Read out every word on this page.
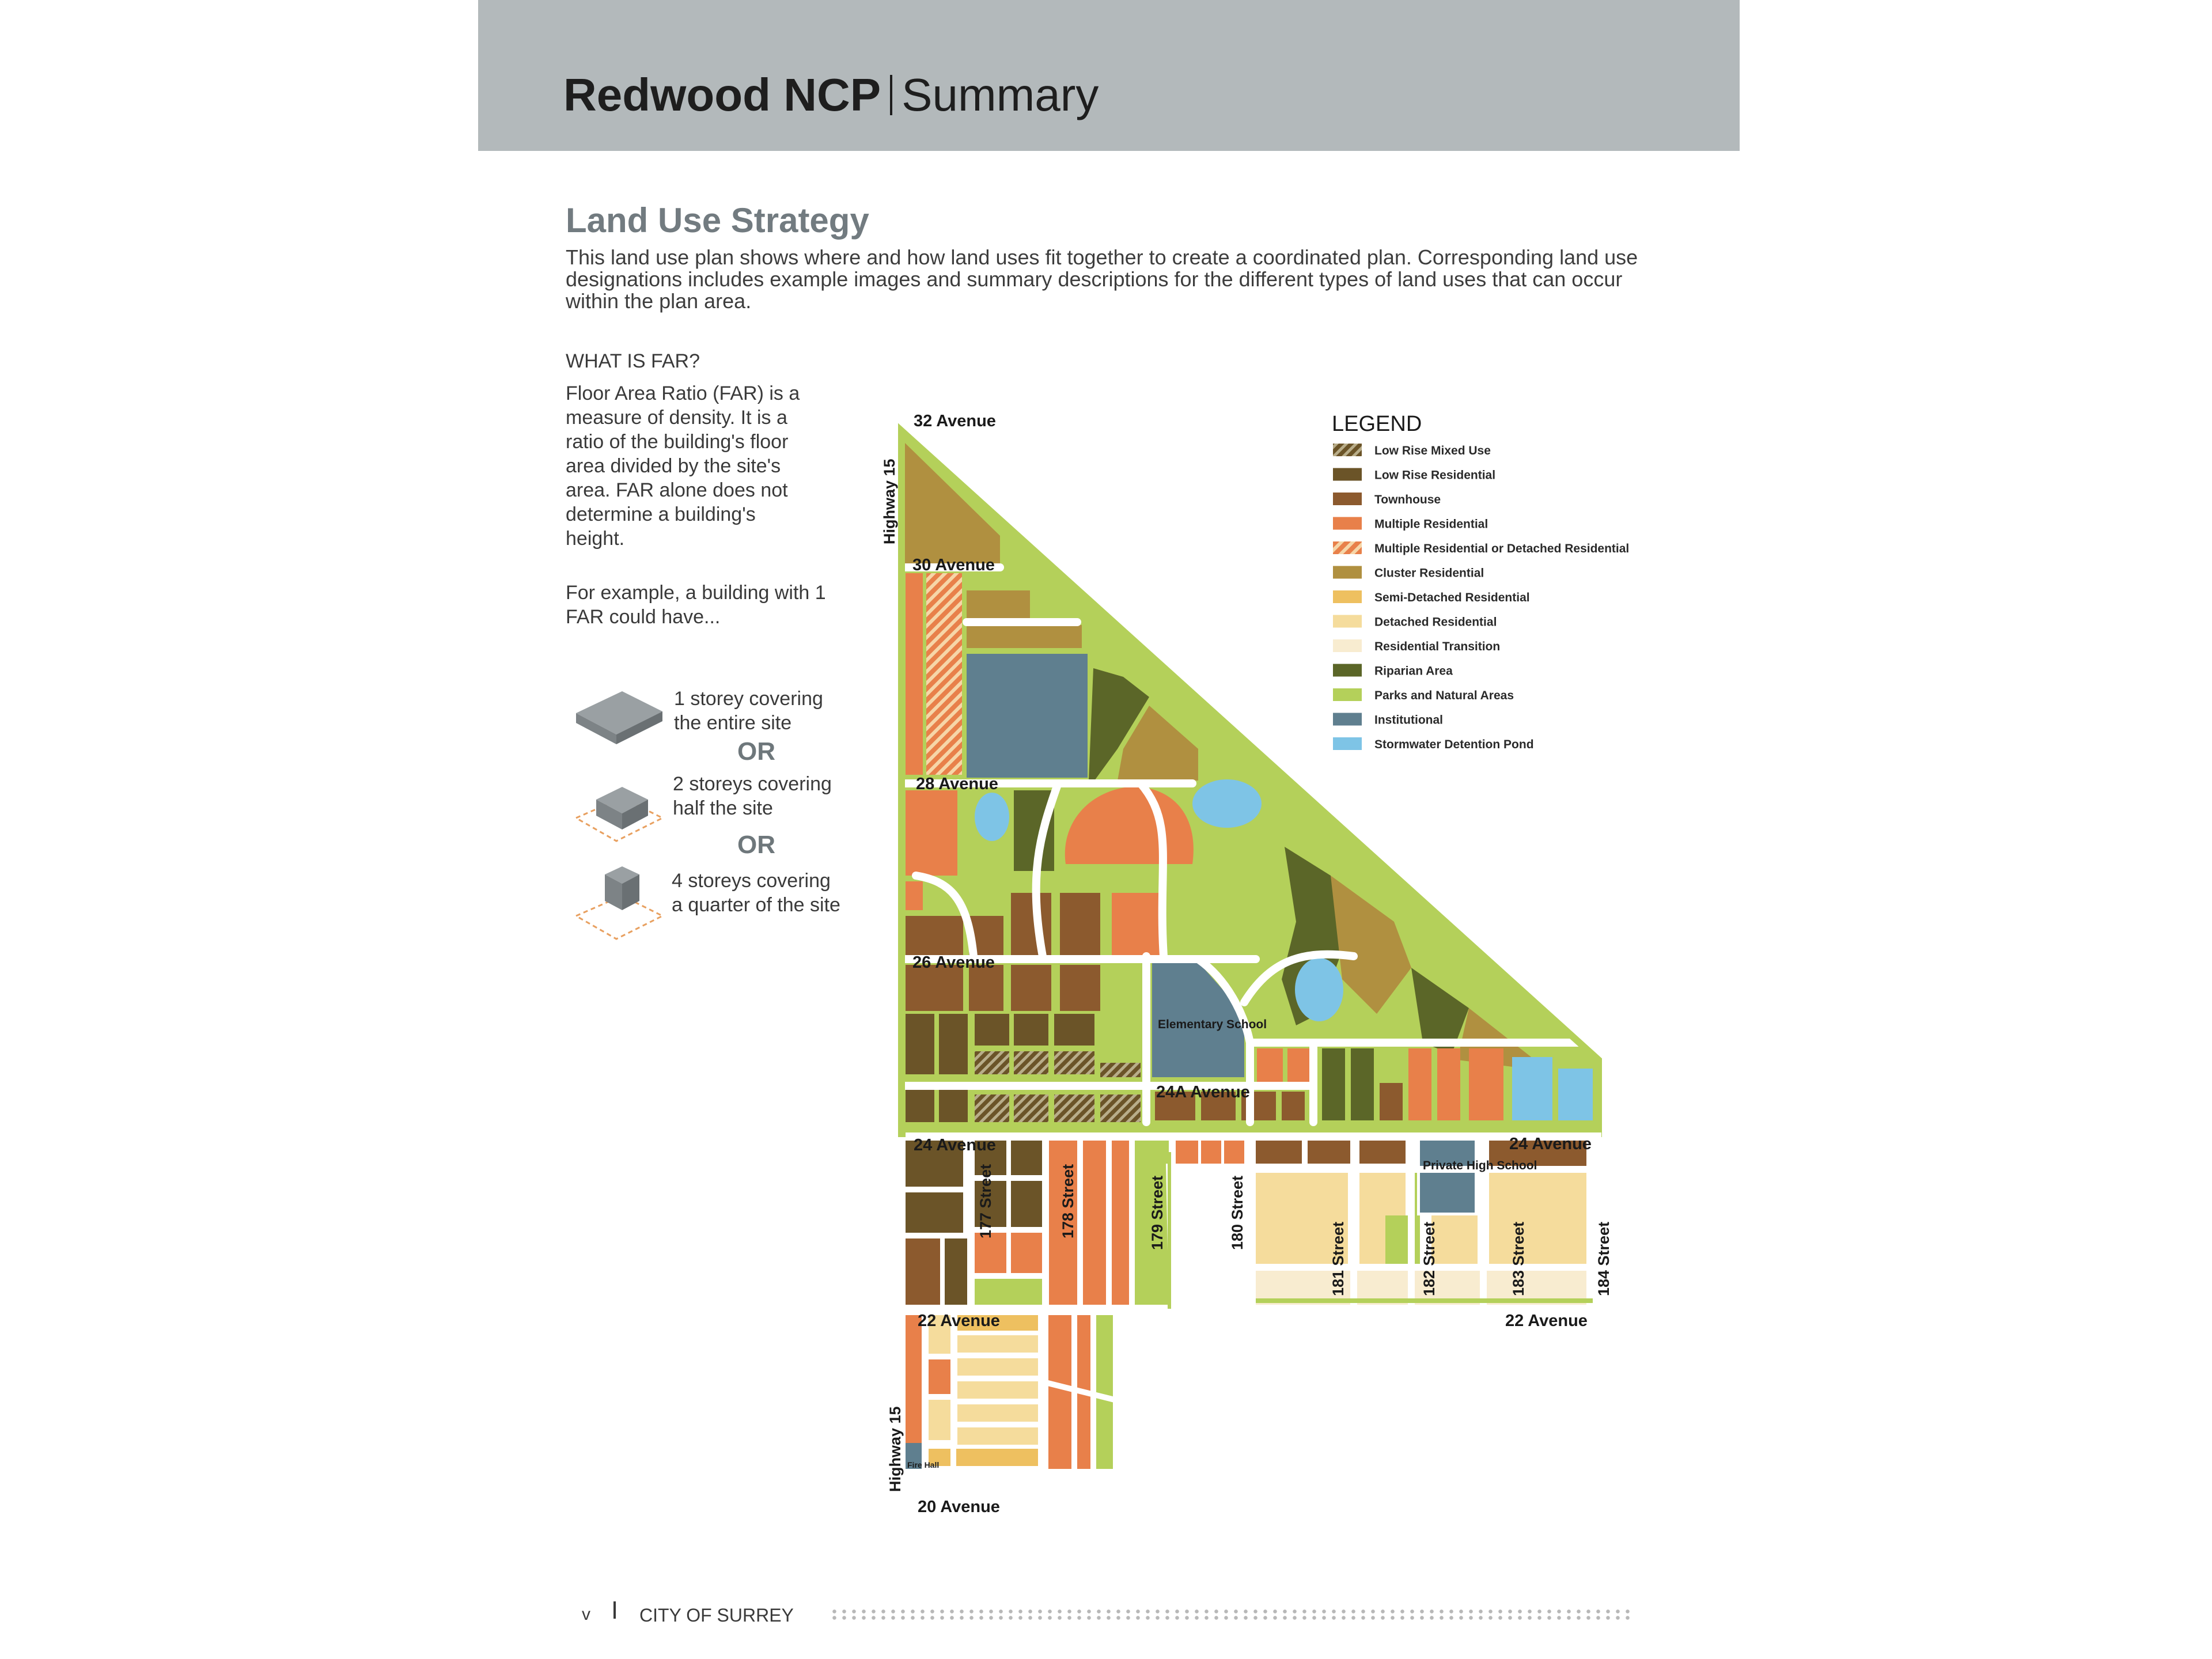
Redwood NCP Summary
Land Use Strategy
This land use plan shows where and how land uses fit together to create a coordinated plan. Corresponding land use designations includes example images and summary descriptions for the different types of land uses that can occur within the plan area.
WHAT IS FAR?
Floor Area Ratio (FAR) is a measure of density. It is a ratio of the building's floor area divided by the site's area. FAR alone does not determine a building's height.
For example, a building with 1 FAR could have...
1 storey covering the entire site
OR
2 storeys covering half the site
OR
4 storeys covering a quarter of the site
32 Avenue
30 Avenue
28 Avenue
26 Avenue
24A Avenue
24 Avenue	24 Avenue
22 Avenue	22 Avenue
20 Avenue
177 Street	178 Street	179 Street	180 Street
181 Street	182 Street	183 Street	184 Street
Highway 15
Highway 15
Elementary School
Private High School
Fire Hall
LEGEND
Low Rise Mixed Use
Low Rise Residential
Townhouse
Multiple Residential
Multiple Residential or Detached Residential
Cluster Residential
Semi-Detached Residential
Detached Residential
Residential Transition
Riparian Area
Parks and Natural Areas
Institutional
Stormwater Detention Pond
v	CITY OF SURREY
